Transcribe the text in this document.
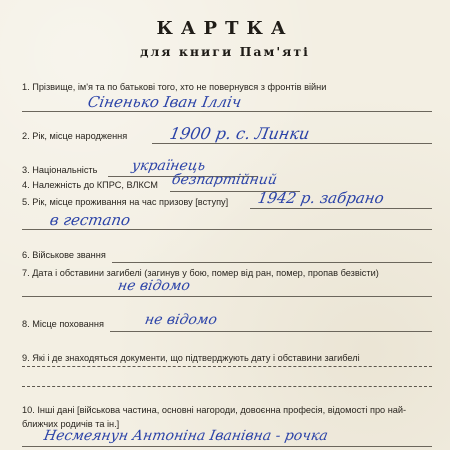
КАРТКА
для книги Пам'яті
1. Прізвище, ім'я та по батькові того, хто не повернувся з фронтів війни
Сіненько Іван Ілліч
2. Рік, місце народження	1900 р. с. Линки
3. Національність українець
4. Належність до КПРС, ВЛКСМ безпартійний
5. Рік, місце проживання на час призову [вступу] 1942 р. забрано
в гестапо
6. Військове звання
7. Дата і обставини загибелі (загинув у бою, помер від ран, помер, пропав безвісти)
не відомо
8. Місце поховання	не відомо
9. Які і де знаходяться документи, що підтверджують дату і обставини загибелі
10. Інші дані [військова частина, основні нагороди, довоєнна професія, відомості про най-
ближчих родичів та ін.]
Несмеянун Антоніна Іванівна - рочка
